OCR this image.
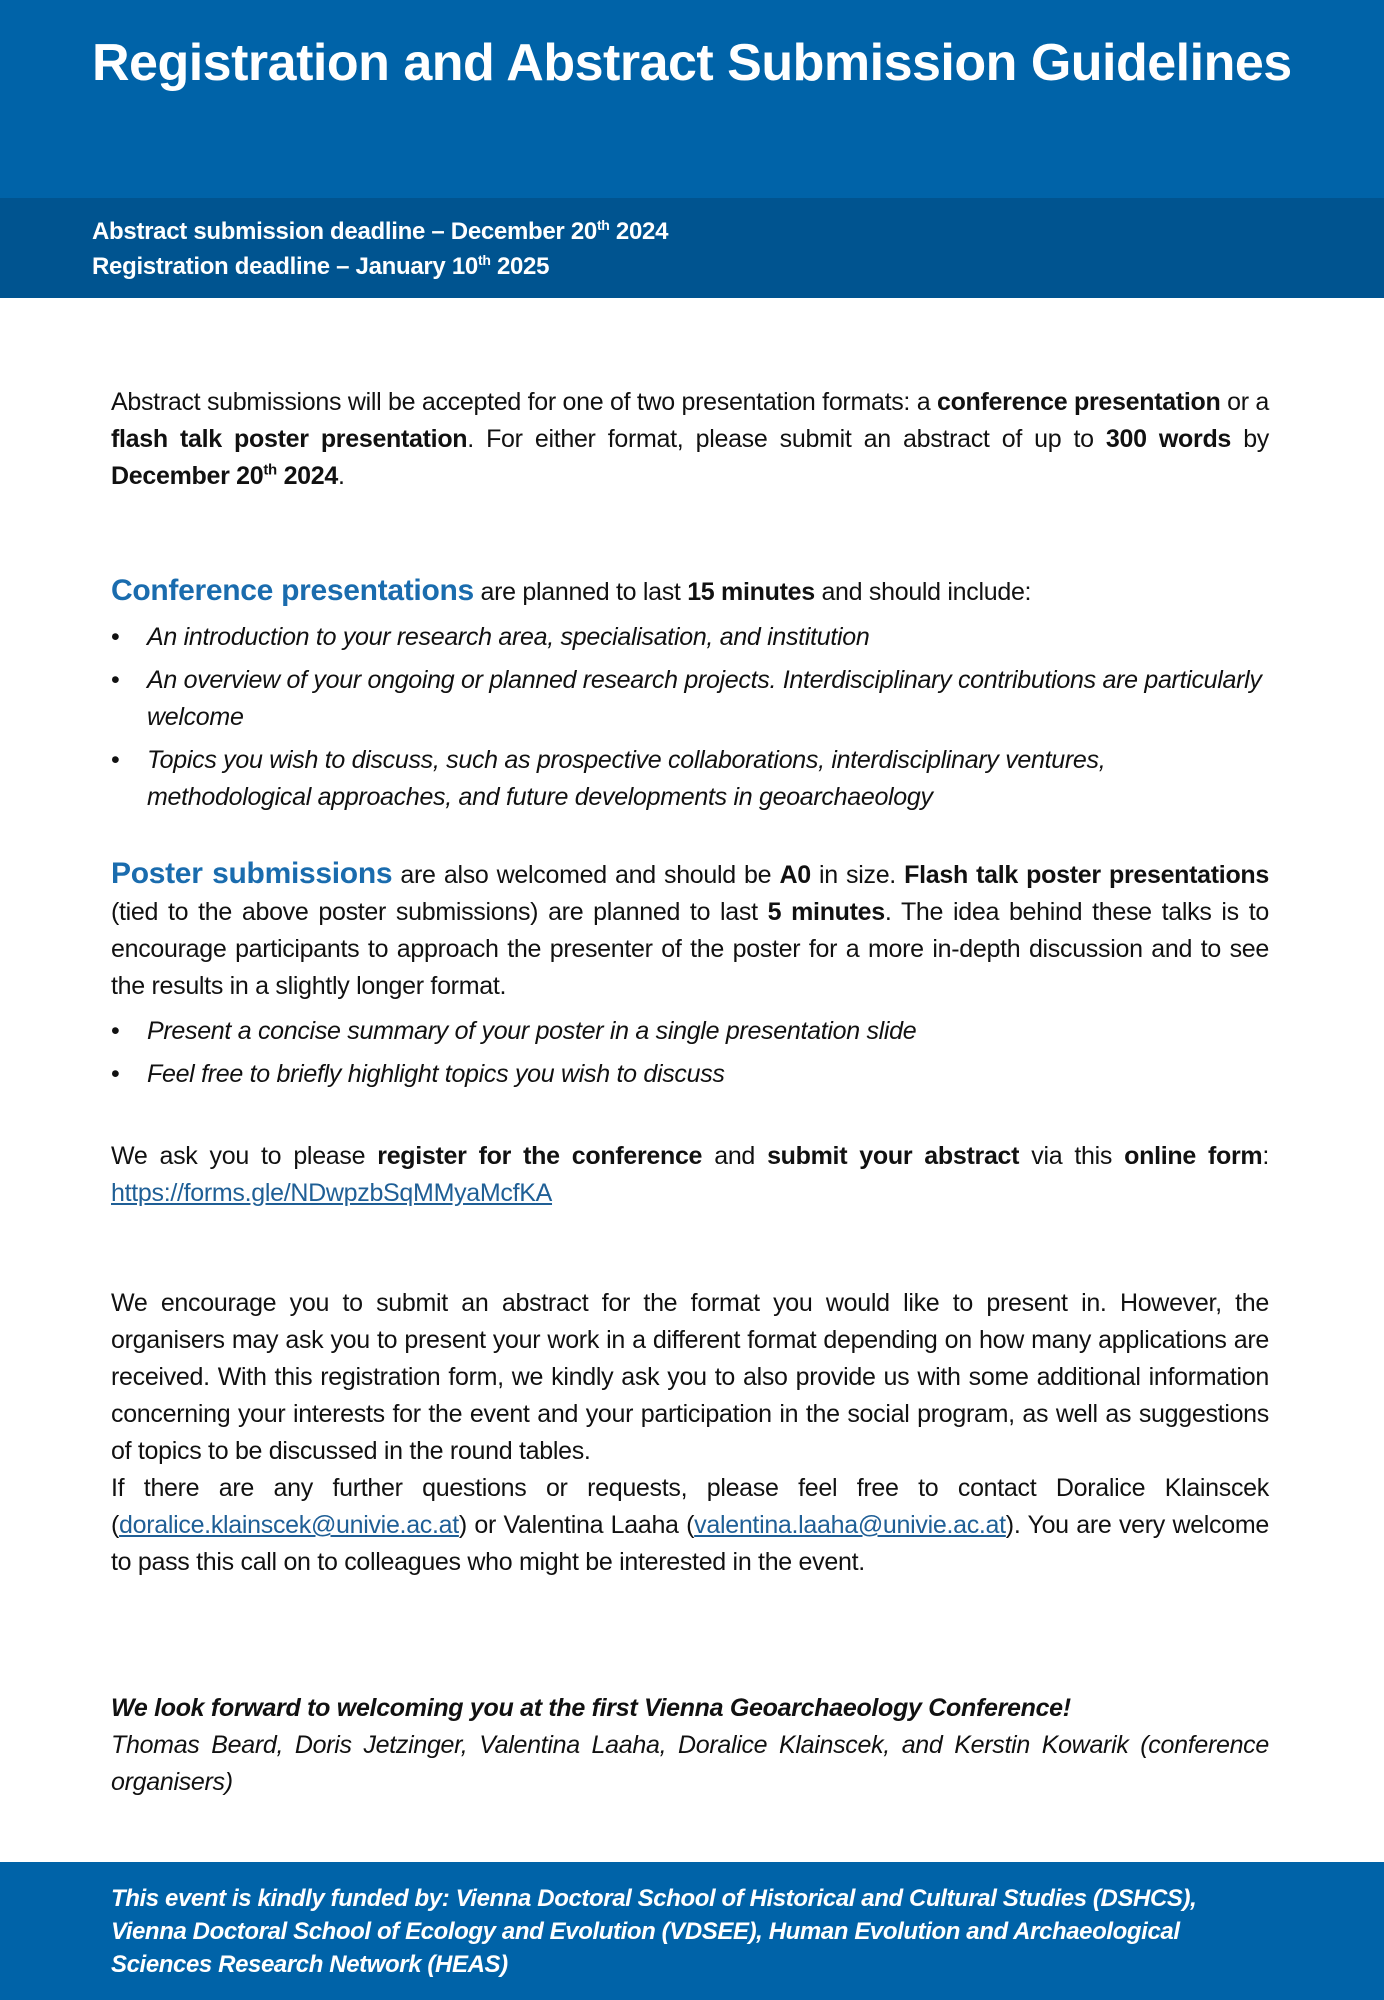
Registration and Abstract Submission Guidelines
Abstract submission deadline – December 20th 2024
Registration deadline – January 10th 2025
Abstract submissions will be accepted for one of two presentation formats: a conference presentation or a flash talk poster presentation. For either format, please submit an abstract of up to 300 words by December 20th 2024.
Conference presentations are planned to last 15 minutes and should include:
• An introduction to your research area, specialisation, and institution
• An overview of your ongoing or planned research projects. Interdisciplinary contributions are particularly welcome
• Topics you wish to discuss, such as prospective collaborations, interdisciplinary ventures, methodological approaches, and future developments in geoarchaeology
Poster submissions are also welcomed and should be A0 in size. Flash talk poster presentations (tied to the above poster submissions) are planned to last 5 minutes. The idea behind these talks is to encourage participants to approach the presenter of the poster for a more in-depth discussion and to see the results in a slightly longer format.
• Present a concise summary of your poster in a single presentation slide
• Feel free to briefly highlight topics you wish to discuss
We ask you to please register for the conference and submit your abstract via this online form: https://forms.gle/NDwpzbSqMMyaMcfKA
We encourage you to submit an abstract for the format you would like to present in. However, the organisers may ask you to present your work in a different format depending on how many applications are received. With this registration form, we kindly ask you to also provide us with some additional information concerning your interests for the event and your participation in the social program, as well as suggestions of topics to be discussed in the round tables.
If there are any further questions or requests, please feel free to contact Doralice Klainscek (doralice.klainscek@univie.ac.at) or Valentina Laaha (valentina.laaha@univie.ac.at). You are very welcome to pass this call on to colleagues who might be interested in the event.
We look forward to welcoming you at the first Vienna Geoarchaeology Conference!
Thomas Beard, Doris Jetzinger, Valentina Laaha, Doralice Klainscek, and Kerstin Kowarik (conference organisers)
This event is kindly funded by: Vienna Doctoral School of Historical and Cultural Studies (DSHCS), Vienna Doctoral School of Ecology and Evolution (VDSEE), Human Evolution and Archaeological Sciences Research Network (HEAS)
